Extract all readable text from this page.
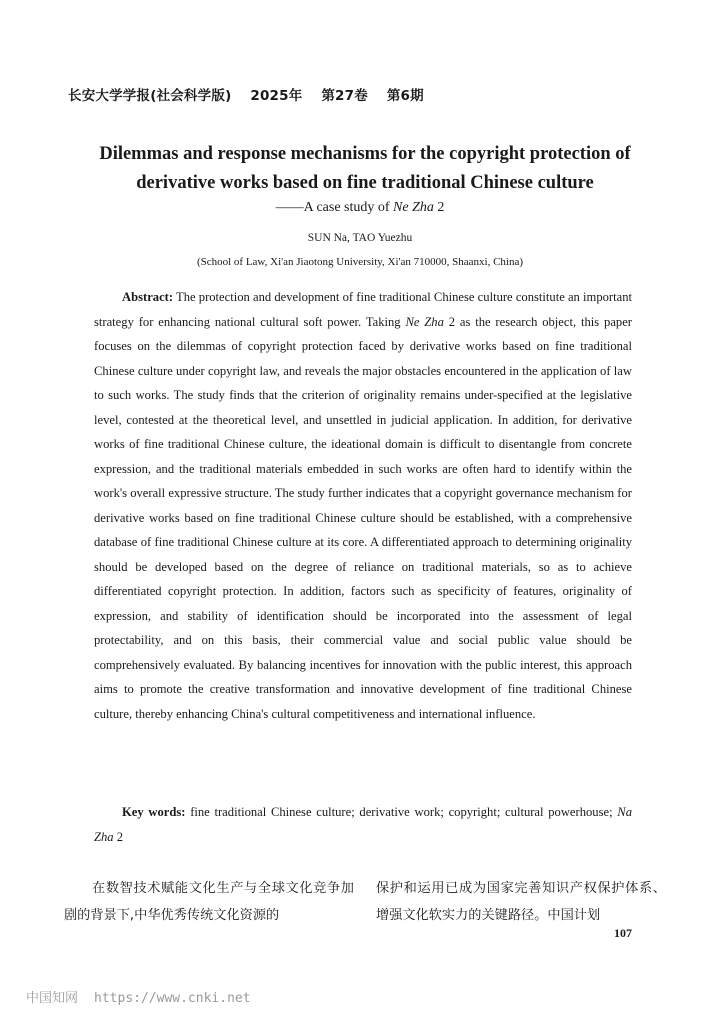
长安大学学报(社会科学版) 2025年 第27卷 第6期
Dilemmas and response mechanisms for the copyright protection of
derivative works based on fine traditional Chinese culture
——A case study of Ne Zha 2
SUN Na, TAO Yuezhu
(School of Law, Xi'an Jiaotong University, Xi'an 710000, Shaanxi, China)
Abstract: The protection and development of fine traditional Chinese culture constitute an important strategy for enhancing national cultural soft power. Taking Ne Zha 2 as the research object, this paper focuses on the dilemmas of copyright protection faced by derivative works based on fine traditional Chinese culture under copyright law, and reveals the major obstacles encountered in the application of law to such works. The study finds that the criterion of originality remains under-specified at the legislative level, contested at the theoretical level, and unsettled in judicial application. In addition, for derivative works of fine traditional Chinese culture, the ideational domain is difficult to disentangle from concrete expression, and the traditional materials embedded in such works are often hard to identify within the work's overall expressive structure. The study further indicates that a copyright governance mechanism for derivative works based on fine traditional Chinese culture should be established, with a comprehensive database of fine traditional Chinese culture at its core. A differentiated approach to determining originality should be developed based on the degree of reliance on traditional materials, so as to achieve differentiated copyright protection. In addition, factors such as specificity of features, originality of expression, and stability of identification should be incorporated into the assessment of legal protectability, and on this basis, their commercial value and social public value should be comprehensively evaluated. By balancing incentives for innovation with the public interest, this approach aims to promote the creative transformation and innovative development of fine traditional Chinese culture, thereby enhancing China's cultural competitiveness and international influence.
Key words: fine traditional Chinese culture; derivative work; copyright; cultural powerhouse; Na Zha 2
在数智技术赋能文化生产与全球文化竞争加剧的背景下,中华优秀传统文化资源的
保护和运用已成为国家完善知识产权保护体系、增强文化软实力的关键路径。中国计划
107
中国知网 https://www.cnki.net
